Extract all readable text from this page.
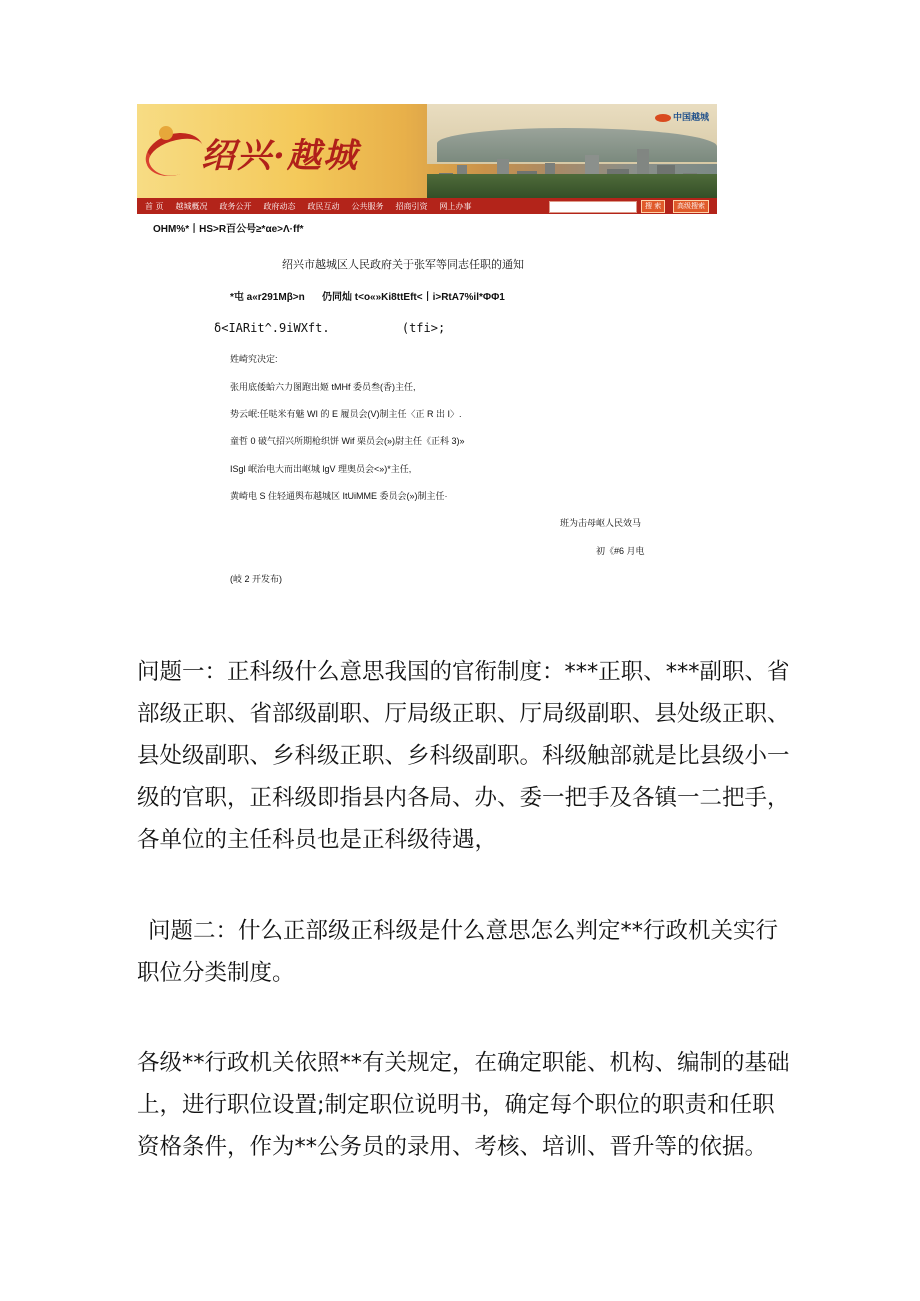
绍兴·越城
中国越城
首 页 越城概况 政务公开 政府动态 政民互动 公共服务 招商引资 网上办事	搜 索	高级搜索
OHM%*丨HS>R百公号≥*αe>Λ·ff*
绍兴市越城区人民政府关于张军等同志任职的通知
*屯 a«r291Mβ>n 仍同灿 t<o«»Ki8ttEft<丨i>RtA7%il*ΦΦ1
δ<IARit^.9iWXft.          (tfi>;
姓崎究决定:
张用底倭蛤六力图跑出姬 tMHf 委员叁(香)主任,
势云岷:任哒米有魅 WI 的 E 履员会(V)制主任〈正 R 出 I〉.
童哲 0 破气招兴所期枪织饼 Wif 栗员会(»)尉主任《正科 3)»
ISgl 岷治电大而出岖城 lgV 理奥员会<»)*主任,
黄崎电 S 住轻通舆布越城区 ItUiMME 委员会(»)制主任·
班为击母岖人民效马
初《#6 月电
(岐 2 开发布)
问题一：正科级什么意思我国的官衔制度：***正职、***副职、省部级正职、省部级副职、厅局级正职、厅局级副职、县处级正职、县处级副职、乡科级正职、乡科级副职。科级触部就是比县级小一级的官职，正科级即指县内各局、办、委一把手及各镇一二把手，各单位的主任科员也是正科级待遇，
问题二：什么正部级正科级是什么意思怎么判定**行政机关实行职位分类制度。
各级**行政机关依照**有关规定，在确定职能、机构、编制的基础上，进行职位设置;制定职位说明书，确定每个职位的职责和任职资格条件，作为**公务员的录用、考核、培训、晋升等的依据。
